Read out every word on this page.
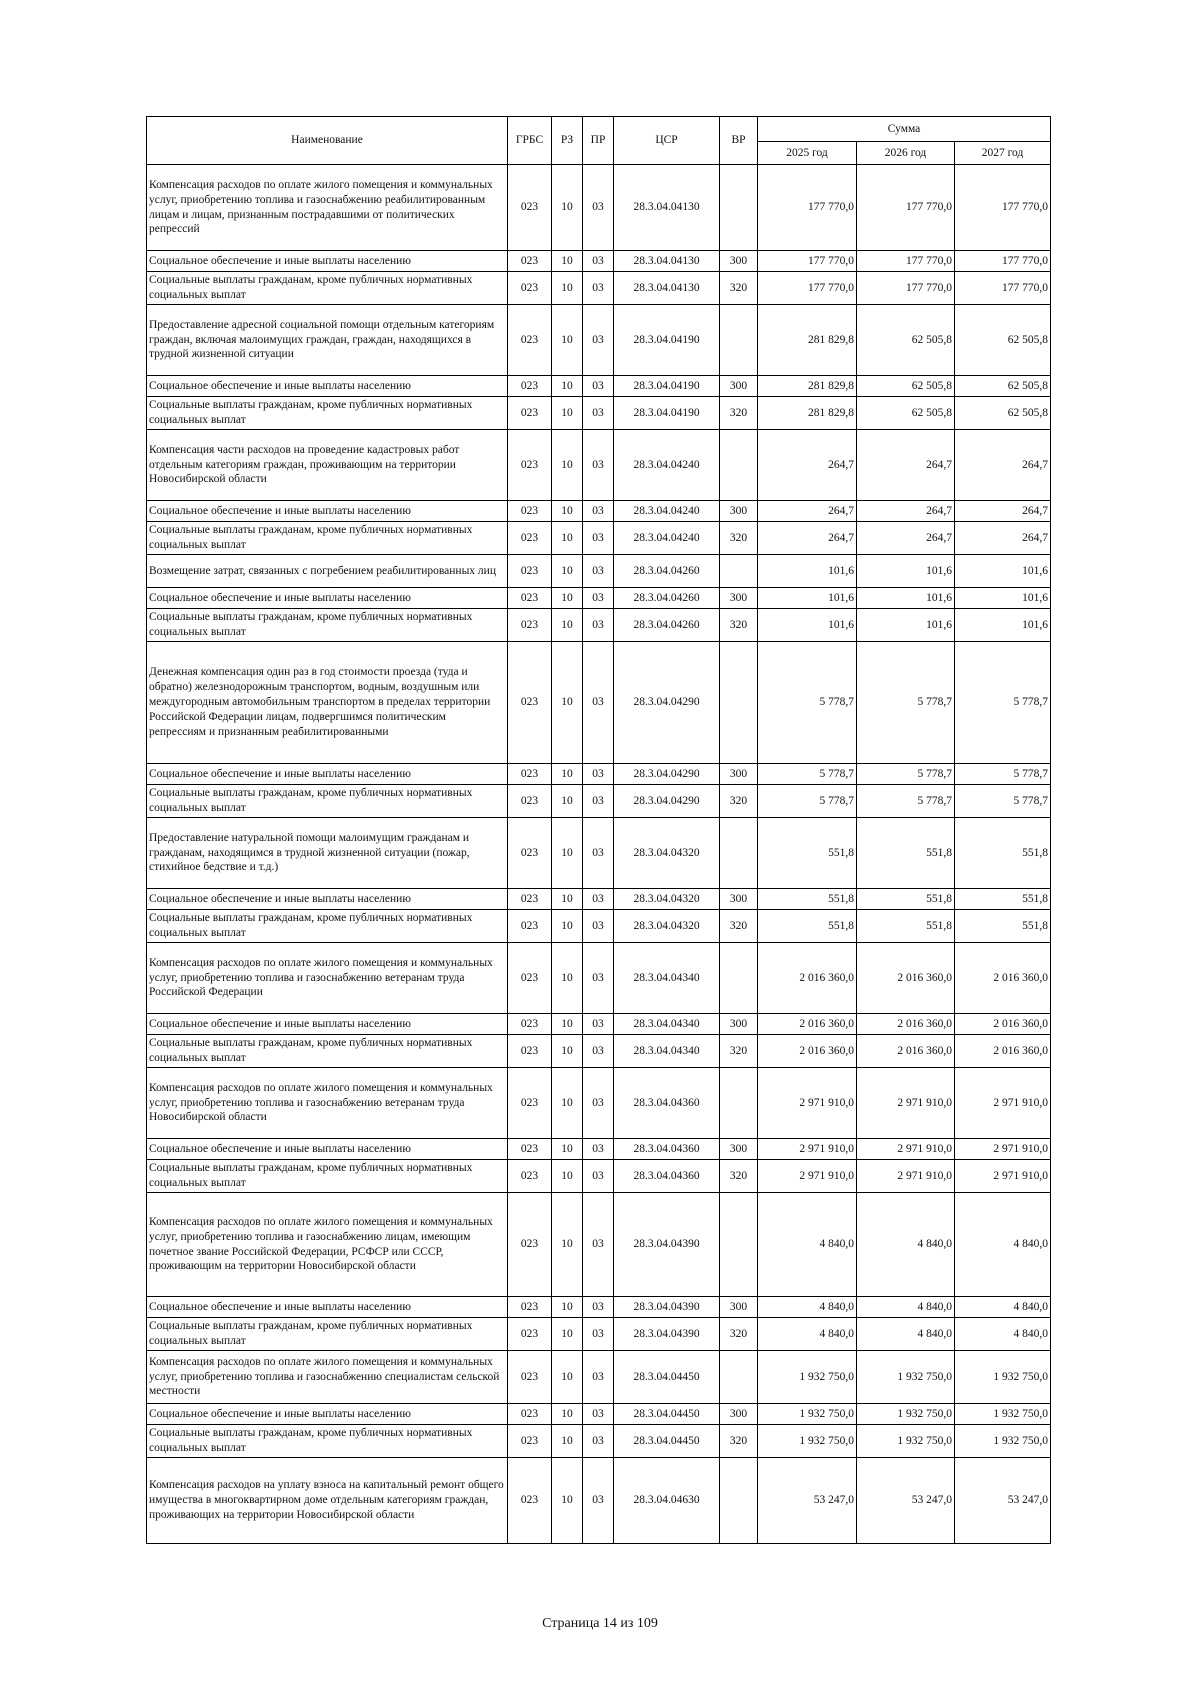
Наименование	ГРБС	РЗ	ПР	ЦСР	ВР	Сумма		
						2025 год	2026 год	2027 год
Компенсация расходов по оплате жилого помещения и коммунальных услуг, приобретению топлива и газоснабжению реабилитированным лицам и лицам, признанным пострадавшими от политических репрессий	023	10	03	28.3.04.04130		177 770,0	177 770,0	177 770,0
Социальное обеспечение и иные выплаты населению	023	10	03	28.3.04.04130	300	177 770,0	177 770,0	177 770,0
Социальные выплаты гражданам, кроме публичных нормативных социальных выплат	023	10	03	28.3.04.04130	320	177 770,0	177 770,0	177 770,0
Предоставление адресной социальной помощи отдельным категориям граждан, включая малоимущих граждан, граждан, находящихся в трудной жизненной ситуации	023	10	03	28.3.04.04190		281 829,8	62 505,8	62 505,8
Социальное обеспечение и иные выплаты населению	023	10	03	28.3.04.04190	300	281 829,8	62 505,8	62 505,8
Социальные выплаты гражданам, кроме публичных нормативных социальных выплат	023	10	03	28.3.04.04190	320	281 829,8	62 505,8	62 505,8
Компенсация части расходов на проведение кадастровых работ отдельным категориям граждан, проживающим на территории Новосибирской области	023	10	03	28.3.04.04240		264,7	264,7	264,7
Социальное обеспечение и иные выплаты населению	023	10	03	28.3.04.04240	300	264,7	264,7	264,7
Социальные выплаты гражданам, кроме публичных нормативных социальных выплат	023	10	03	28.3.04.04240	320	264,7	264,7	264,7
Возмещение затрат, связанных с погребением реабилитированных лиц	023	10	03	28.3.04.04260		101,6	101,6	101,6
Социальное обеспечение и иные выплаты населению	023	10	03	28.3.04.04260	300	101,6	101,6	101,6
Социальные выплаты гражданам, кроме публичных нормативных социальных выплат	023	10	03	28.3.04.04260	320	101,6	101,6	101,6
Денежная компенсация один раз в год стоимости проезда (туда и обратно) железнодорожным транспортом, водным, воздушным или междугородным автомобильным транспортом в пределах территории Российской Федерации лицам, подвергшимся политическим репрессиям и признанным реабилитированными	023	10	03	28.3.04.04290		5 778,7	5 778,7	5 778,7
Социальное обеспечение и иные выплаты населению	023	10	03	28.3.04.04290	300	5 778,7	5 778,7	5 778,7
Социальные выплаты гражданам, кроме публичных нормативных социальных выплат	023	10	03	28.3.04.04290	320	5 778,7	5 778,7	5 778,7
Предоставление натуральной помощи малоимущим гражданам и гражданам, находящимся в трудной жизненной ситуации (пожар, стихийное бедствие и т.д.)	023	10	03	28.3.04.04320		551,8	551,8	551,8
Социальное обеспечение и иные выплаты населению	023	10	03	28.3.04.04320	300	551,8	551,8	551,8
Социальные выплаты гражданам, кроме публичных нормативных социальных выплат	023	10	03	28.3.04.04320	320	551,8	551,8	551,8
Компенсация расходов по оплате жилого помещения и коммунальных услуг, приобретению топлива и газоснабжению ветеранам труда Российской Федерации	023	10	03	28.3.04.04340		2 016 360,0	2 016 360,0	2 016 360,0
Социальное обеспечение и иные выплаты населению	023	10	03	28.3.04.04340	300	2 016 360,0	2 016 360,0	2 016 360,0
Социальные выплаты гражданам, кроме публичных нормативных социальных выплат	023	10	03	28.3.04.04340	320	2 016 360,0	2 016 360,0	2 016 360,0
Компенсация расходов по оплате жилого помещения и коммунальных услуг, приобретению топлива и газоснабжению ветеранам труда Новосибирской области	023	10	03	28.3.04.04360		2 971 910,0	2 971 910,0	2 971 910,0
Социальное обеспечение и иные выплаты населению	023	10	03	28.3.04.04360	300	2 971 910,0	2 971 910,0	2 971 910,0
Социальные выплаты гражданам, кроме публичных нормативных социальных выплат	023	10	03	28.3.04.04360	320	2 971 910,0	2 971 910,0	2 971 910,0
Компенсация расходов по оплате жилого помещения и коммунальных услуг, приобретению топлива и газоснабжению лицам, имеющим почетное звание Российской Федерации, РСФСР или СССР, проживающим на территории Новосибирской области	023	10	03	28.3.04.04390		4 840,0	4 840,0	4 840,0
Социальное обеспечение и иные выплаты населению	023	10	03	28.3.04.04390	300	4 840,0	4 840,0	4 840,0
Социальные выплаты гражданам, кроме публичных нормативных социальных выплат	023	10	03	28.3.04.04390	320	4 840,0	4 840,0	4 840,0
Компенсация расходов по оплате жилого помещения и коммунальных услуг, приобретению топлива и газоснабжению специалистам сельской местности	023	10	03	28.3.04.04450		1 932 750,0	1 932 750,0	1 932 750,0
Социальное обеспечение и иные выплаты населению	023	10	03	28.3.04.04450	300	1 932 750,0	1 932 750,0	1 932 750,0
Социальные выплаты гражданам, кроме публичных нормативных социальных выплат	023	10	03	28.3.04.04450	320	1 932 750,0	1 932 750,0	1 932 750,0
Компенсация расходов на уплату взноса на капитальный ремонт общего имущества в многоквартирном доме отдельным категориям граждан, проживающих на территории Новосибирской области	023	10	03	28.3.04.04630		53 247,0	53 247,0	53 247,0
Страница 14 из 109
